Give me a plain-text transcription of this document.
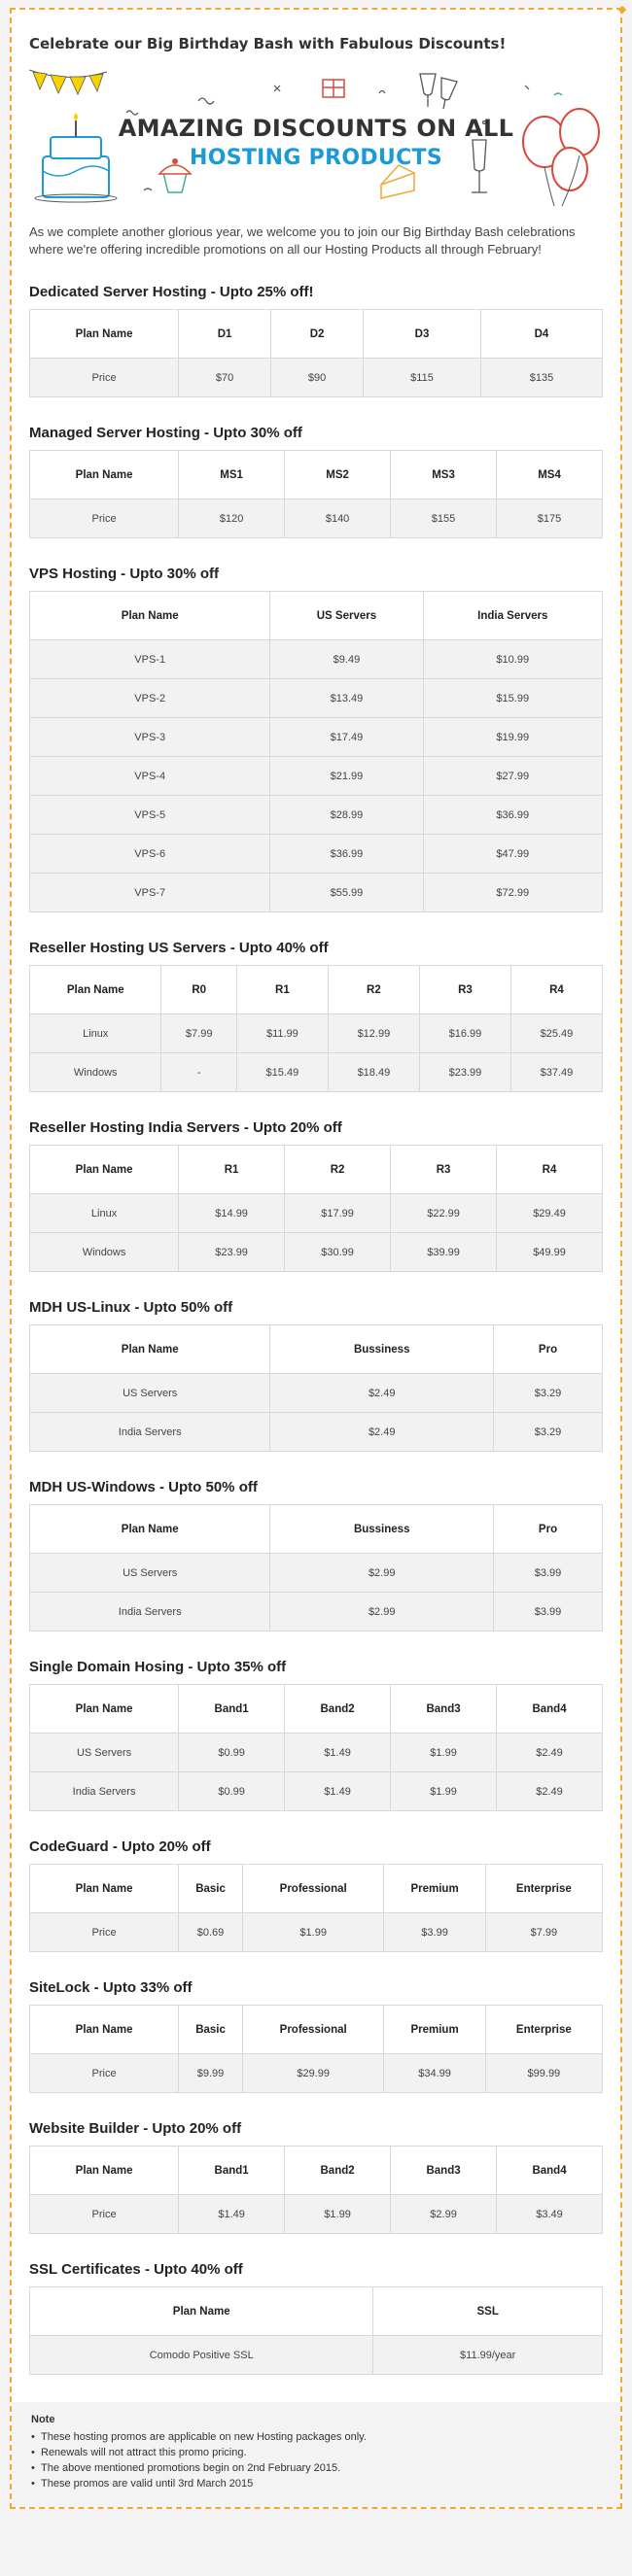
◆
Celebrate our Big Birthday Bash with Fabulous Discounts!
AMAZING DISCOUNTS ON ALL
HOSTING PRODUCTS

As we complete another glorious year, we welcome you to join our Big Birthday Bash celebrations where we're offering incredible promotions on all our Hosting Products all through February!

Dedicated Server Hosting - Upto 25% off!
Plan Name	D1	D2	D3	D4
Price	$70	$90	$115	$135
Managed Server Hosting - Upto 30% off
Plan Name	MS1	MS2	MS3	MS4
Price	$120	$140	$155	$175
VPS Hosting - Upto 30% off
Plan Name	US Servers	India Servers
VPS-1	$9.49	$10.99
VPS-2	$13.49	$15.99
VPS-3	$17.49	$19.99
VPS-4	$21.99	$27.99
VPS-5	$28.99	$36.99
VPS-6	$36.99	$47.99
VPS-7	$55.99	$72.99
Reseller Hosting US Servers - Upto 40% off
Plan Name	R0	R1	R2	R3	R4
Linux	$7.99	$11.99	$12.99	$16.99	$25.49
Windows	-	$15.49	$18.49	$23.99	$37.49
Reseller Hosting India Servers - Upto 20% off
Plan Name	R1	R2	R3	R4
Linux	$14.99	$17.99	$22.99	$29.49
Windows	$23.99	$30.99	$39.99	$49.99
MDH US-Linux - Upto 50% off
Plan Name	Bussiness	Pro
US Servers	$2.49	$3.29
India Servers	$2.49	$3.29
MDH US-Windows - Upto 50% off
Plan Name	Bussiness	Pro
US Servers	$2.99	$3.99
India Servers	$2.99	$3.99
Single Domain Hosing - Upto 35% off
Plan Name	Band1	Band2	Band3	Band4
US Servers	$0.99	$1.49	$1.99	$2.49
India Servers	$0.99	$1.49	$1.99	$2.49
CodeGuard - Upto 20% off
Plan Name	Basic	Professional	Premium	Enterprise
Price	$0.69	$1.99	$3.99	$7.99
SiteLock - Upto 33% off
Plan Name	Basic	Professional	Premium	Enterprise
Price	$9.99	$29.99	$34.99	$99.99
Website Builder - Upto 20% off
Plan Name	Band1	Band2	Band3	Band4
Price	$1.49	$1.99	$2.99	$3.49
SSL Certificates - Upto 40% off
Plan Name	SSL
Comodo Positive SSL	$11.99/year
Note
• These hosting promos are applicable on new Hosting packages only.
• Renewals will not attract this promo pricing.
• The above mentioned promotions begin on 2nd February 2015.
• These promos are valid until 3rd March 2015
